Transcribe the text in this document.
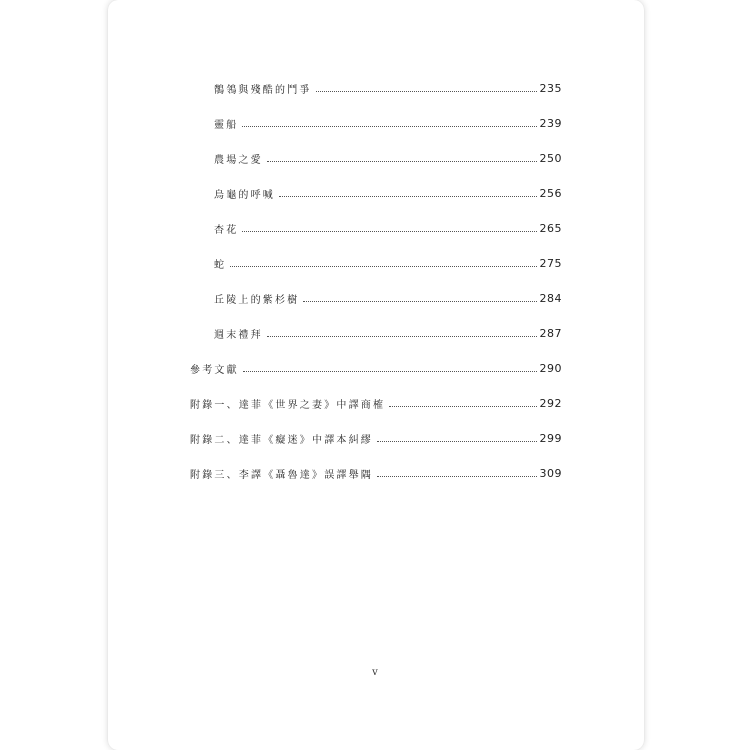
鶺鴒與殘酷的鬥爭	235
靈船	239
農場之愛	250
烏龜的呼喊	256
杏花	265
蛇	275
丘陵上的紫杉樹	284
週末禮拜	287
參考文獻	290
附錄一、達菲《世界之妻》中譯商榷	292
附錄二、達菲《癡迷》中譯本糾繆	299
附錄三、李譯《聶魯達》誤譯舉隅	309
v
